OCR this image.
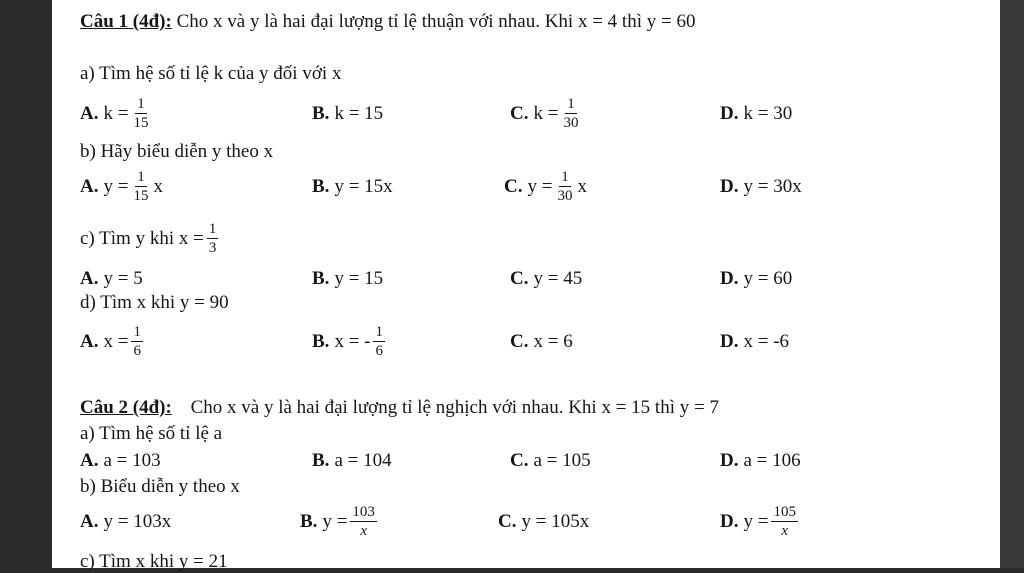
Câu 1 (4đ): Cho x và y là hai đại lượng tỉ lệ thuận với nhau. Khi x = 4 thì y = 60
a) Tìm hệ số tỉ lệ k của y đối với x
A. $k = \frac{1}{15}$	B. k = 15	C. $k = \frac{1}{30}$	D. k = 30
b) Hãy biểu diễn y theo x
A. $y = \frac{1}{15}$ x	B. y = 15x	C. $y = \frac{1}{30}$ x	D. y = 30x
c) Tìm y khi $x = \frac{1}{3}$
A. y = 5	B. y = 15	C. y = 45	D. y = 60
d) Tìm x khi y = 90
A. $x = \frac{1}{6}$	B. x = - $\frac{1}{6}$	C. x = 6	D. x = -6
Câu 2 (4đ): Cho x và y là hai đại lượng tỉ lệ nghịch với nhau. Khi x = 15 thì y = 7
a) Tìm hệ số tỉ lệ a
A. a = 103	B. a = 104	C. a = 105	D. a = 106
b) Biểu diễn y theo x
A. y = 103x	B. $y = \frac{103}{x}$	C. y = 105x	D. $y = \frac{105}{x}$
c) Tìm x khi y = 21
